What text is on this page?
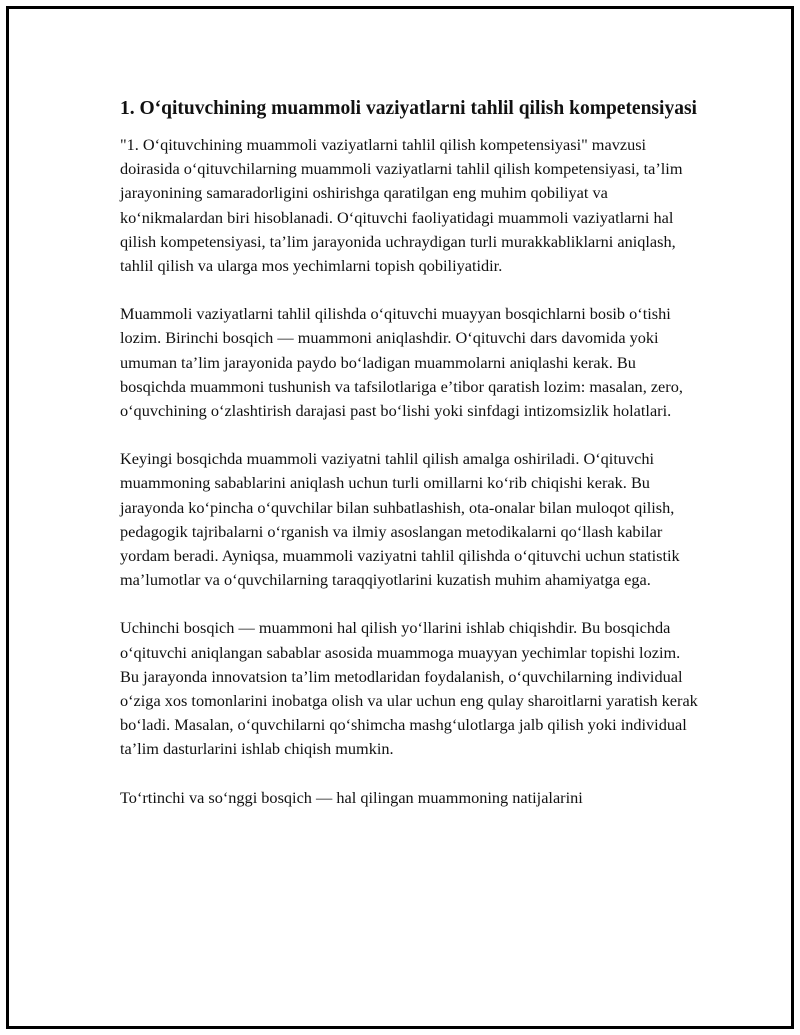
1. Oʻqituvchining muammoli vaziyatlarni tahlil qilish kompetensiyasi

"1. Oʻqituvchining muammoli vaziyatlarni tahlil qilish kompetensiyasi" mavzusi doirasida oʻqituvchilarning muammoli vaziyatlarni tahlil qilish kompetensiyasi, taʼlim jarayonining samaradorligini oshirishga qaratilgan eng muhim qobiliyat va koʻnikmalardan biri hisoblanadi. Oʻqituvchi faoliyatidagi muammoli vaziyatlarni hal qilish kompetensiyasi, taʼlim jarayonida uchraydigan turli murakkabliklarni aniqlash, tahlil qilish va ularga mos yechimlarni topish qobiliyatidir.

Muammoli vaziyatlarni tahlil qilishda oʻqituvchi muayyan bosqichlarni bosib oʻtishi lozim. Birinchi bosqich — muammoni aniqlashdir. Oʻqituvchi dars davomida yoki umuman taʼlim jarayonida paydo boʻladigan muammolarni aniqlashi kerak. Bu bosqichda muammoni tushunish va tafsilotlariga eʼtibor qaratish lozim: masalan, zero, oʻquvchining oʻzlashtirish darajasi past boʻlishi yoki sinfdagi intizomsizlik holatlari.

Keyingi bosqichda muammoli vaziyatni tahlil qilish amalga oshiriladi. Oʻqituvchi muammoning sabablarini aniqlash uchun turli omillarni koʻrib chiqishi kerak. Bu jarayonda koʻpincha oʻquvchilar bilan suhbatlashish, ota-onalar bilan muloqot qilish, pedagogik tajribalarni oʻrganish va ilmiy asoslangan metodikalarni qoʻllash kabilar yordam beradi. Ayniqsa, muammoli vaziyatni tahlil qilishda oʻqituvchi uchun statistik maʼlumotlar va oʻquvchilarning taraqqiyotlarini kuzatish muhim ahamiyatga ega.

Uchinchi bosqich — muammoni hal qilish yoʻllarini ishlab chiqishdir. Bu bosqichda oʻqituvchi aniqlangan sabablar asosida muammoga muayyan yechimlar topishi lozim. Bu jarayonda innovatsion taʼlim metodlaridan foydalanish, oʻquvchilarning individual oʻziga xos tomonlarini inobatga olish va ular uchun eng qulay sharoitlarni yaratish kerak boʻladi. Masalan, oʻquvchilarni qoʻshimcha mashgʻulotlarga jalb qilish yoki individual taʼlim dasturlarini ishlab chiqish mumkin.

Toʻrtinchi va soʻnggi bosqich — hal qilingan muammoning natijalarini
